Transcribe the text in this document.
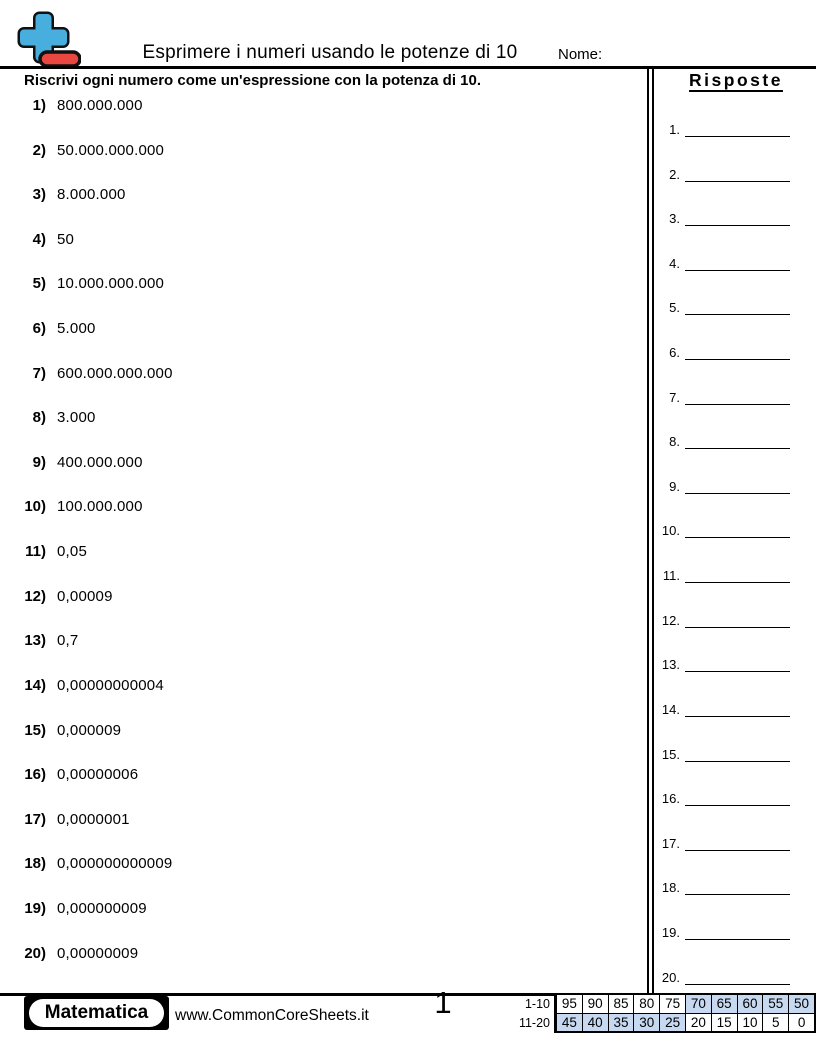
Esprimere i numeri usando le potenze di 10	Nome:
Riscrivi ogni numero come un'espressione con la potenza di 10.
1) 800.000.000
2) 50.000.000.000
3) 8.000.000
4) 50
5) 10.000.000.000
6) 5.000
7) 600.000.000.000
8) 3.000
9) 400.000.000
10) 100.000.000
11) 0,05
12) 0,00009
13) 0,7
14) 0,00000000004
15) 0,000009
16) 0,00000006
17) 0,0000001
18) 0,000000000009
19) 0,000000009
20) 0,00000009
Risposte
1.
2.
3.
4.
5.
6.
7.
8.
9.
10.
11.
12.
13.
14.
15.
16.
17.
18.
19.
20.
Matematica	www.CommonCoreSheets.it	1	1-10
11-20
95 90 85 80 75 70 65 60 55 50
45 40 35 30 25 20 15 10	5	0
